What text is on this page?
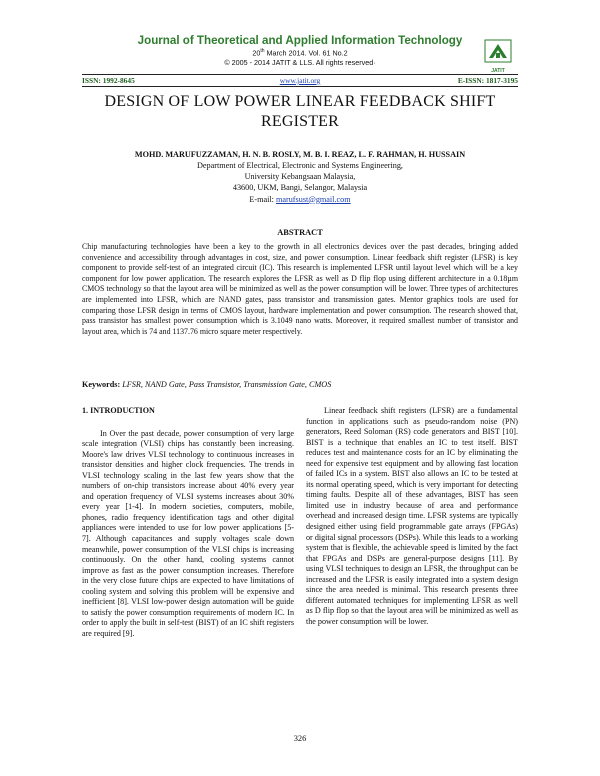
Journal of Theoretical and Applied Information Technology
20th March 2014. Vol. 61 No.2
© 2005 - 2014 JATIT & LLS. All rights reserved·
JATIT
ISSN: 1992-8645	www.jatit.org	E-ISSN: 1817-3195
DESIGN OF LOW POWER LINEAR FEEDBACK SHIFT
REGISTER
MOHD. MARUFUZZAMAN, H. N. B. ROSLY, M. B. I. REAZ, L. F. RAHMAN, H. HUSSAIN
Department of Electrical, Electronic and Systems Engineering,
University Kebangsaan Malaysia,
43600, UKM, Bangi, Selangor, Malaysia
E-mail: marufsust@gmail.com
ABSTRACT
Chip manufacturing technologies have been a key to the growth in all electronics devices over the past decades, bringing added convenience and accessibility through advantages in cost, size, and power consumption. Linear feedback shift register (LFSR) is key component to provide self-test of an integrated circuit (IC). This research is implemented LFSR until layout level which will be a key component for low power application. The research explores the LFSR as well as D flip flop using different architecture in a 0.18µm CMOS technology so that the layout area will be minimized as well as the power consumption will be lower. Three types of architectures are implemented into LFSR, which are NAND gates, pass transistor and transmission gates. Mentor graphics tools are used for comparing those LFSR design in terms of CMOS layout, hardware implementation and power consumption. The research showed that, pass transistor has smallest power consumption which is 3.1049 nano watts. Moreover, it required smallest number of transistor and layout area, which is 74 and 1137.76 micro square meter respectively.
Keywords: LFSR, NAND Gate, Pass Transistor, Transmission Gate, CMOS

1. INTRODUCTION

In Over the past decade, power consumption of very large scale integration (VLSI) chips has constantly been increasing. Moore's law drives VLSI technology to continuous increases in transistor densities and higher clock frequencies. The trends in VLSI technology scaling in the last few years show that the numbers of on-chip transistors increase about 40% every year and operation frequency of VLSI systems increases about 30% every year [1-4]. In modern societies, computers, mobile, phones, radio frequency identification tags and other digital appliances were intended to use for low power applications [5-7]. Although capacitances and supply voltages scale down meanwhile, power consumption of the VLSI chips is increasing continuously. On the other hand, cooling systems cannot improve as fast as the power consumption increases. Therefore in the very close future chips are expected to have limitations of cooling system and solving this problem will be expensive and inefficient [8]. VLSI low-power design automation will be guide to satisfy the power consumption requirements of modern IC. In order to apply the built in self-test (BIST) of an IC shift registers are required [9].

Linear feedback shift registers (LFSR) are a fundamental function in applications such as pseudo-random noise (PN) generators, Reed Soloman (RS) code generators and BIST [10]. BIST is a technique that enables an IC to test itself. BIST reduces test and maintenance costs for an IC by eliminating the need for expensive test equipment and by allowing fast location of failed ICs in a system. BIST also allows an IC to be tested at its normal operating speed, which is very important for detecting timing faults. Despite all of these advantages, BIST has seen limited use in industry because of area and performance overhead and increased design time. LFSR systems are typically designed either using field programmable gate arrays (FPGAs) or digital signal processors (DSPs). While this leads to a working system that is flexible, the achievable speed is limited by the fact that FPGAs and DSPs are general-purpose designs [11]. By using VLSI techniques to design an LFSR, the throughput can be increased and the LFSR is easily integrated into a system design since the area needed is minimal. This research presents three different automated techniques for implementing LFSR as well as D flip flop so that the layout area will be minimized as well as the power consumption will be lower.

326
